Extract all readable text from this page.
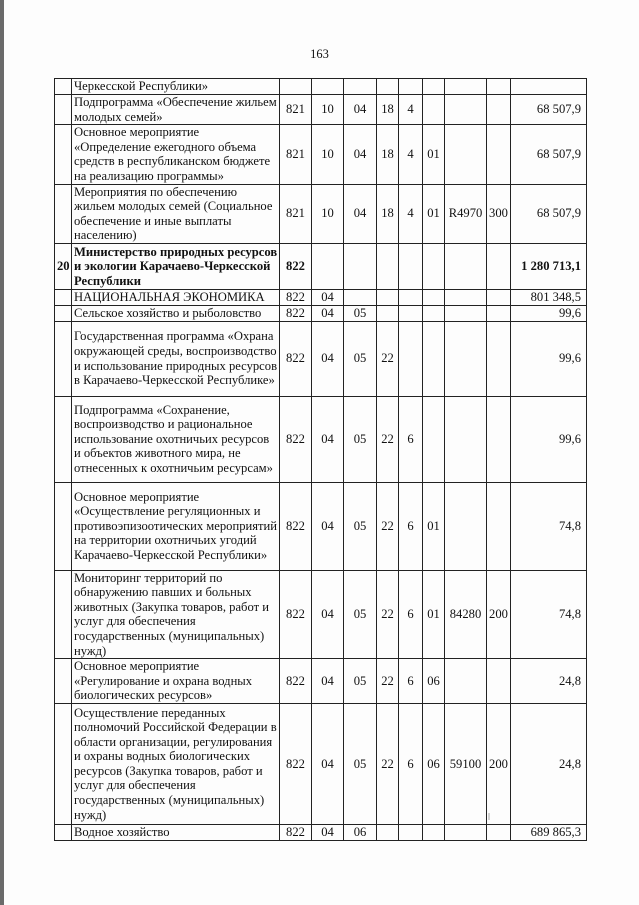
163
	Черкесской Республики»									
	Подпрограмма «Обеспечение жильем молодых семей»	821	10	04	18	4				68 507,9
	Основное мероприятие «Определение ежегодного объема средств в республиканском бюджете на реализацию программы»	821	10	04	18	4	01			68 507,9
	Мероприятия по обеспечению жильем молодых семей (Социальное обеспечение и иные выплаты населению)	821	10	04	18	4	01	R4970	300	68 507,9
20	Министерство природных ресурсов и экологии Карачаево-Черкесской Республики	822								1 280 713,1
	НАЦИОНАЛЬНАЯ ЭКОНОМИКА	822	04							801 348,5
	Сельское хозяйство и рыболовство	822	04	05						99,6
	Государственная программа «Охрана окружающей среды, воспроизводство и использование природных ресурсов в Карачаево-Черкесской Республике»	822	04	05	22					99,6
	Подпрограмма «Сохранение, воспроизводство и рациональное использование охотничьих ресурсов и объектов животного мира, не отнесенных к охотничьим ресурсам»	822	04	05	22	6				99,6
	Основное мероприятие «Осуществление регуляционных и противоэпизоотических мероприятий на территории охотничьих угодий Карачаево-Черкесской Республики»	822	04	05	22	6	01			74,8
	Мониторинг территорий по обнаружению павших и больных животных (Закупка товаров, работ и услуг для обеспечения государственных (муниципальных) нужд)	822	04	05	22	6	01	84280	200	74,8
	Основное мероприятие «Регулирование и охрана водных биологических ресурсов»	822	04	05	22	6	06			24,8
	Осуществление переданных полномочий Российской Федерации в области организации, регулирования и охраны водных биологических ресурсов (Закупка товаров, работ и услуг для обеспечения государственных (муниципальных) нужд)	822	04	05	22	6	06	59100	200	24,8
	Водное хозяйство	822	04	06						689 865,3
ǀ
